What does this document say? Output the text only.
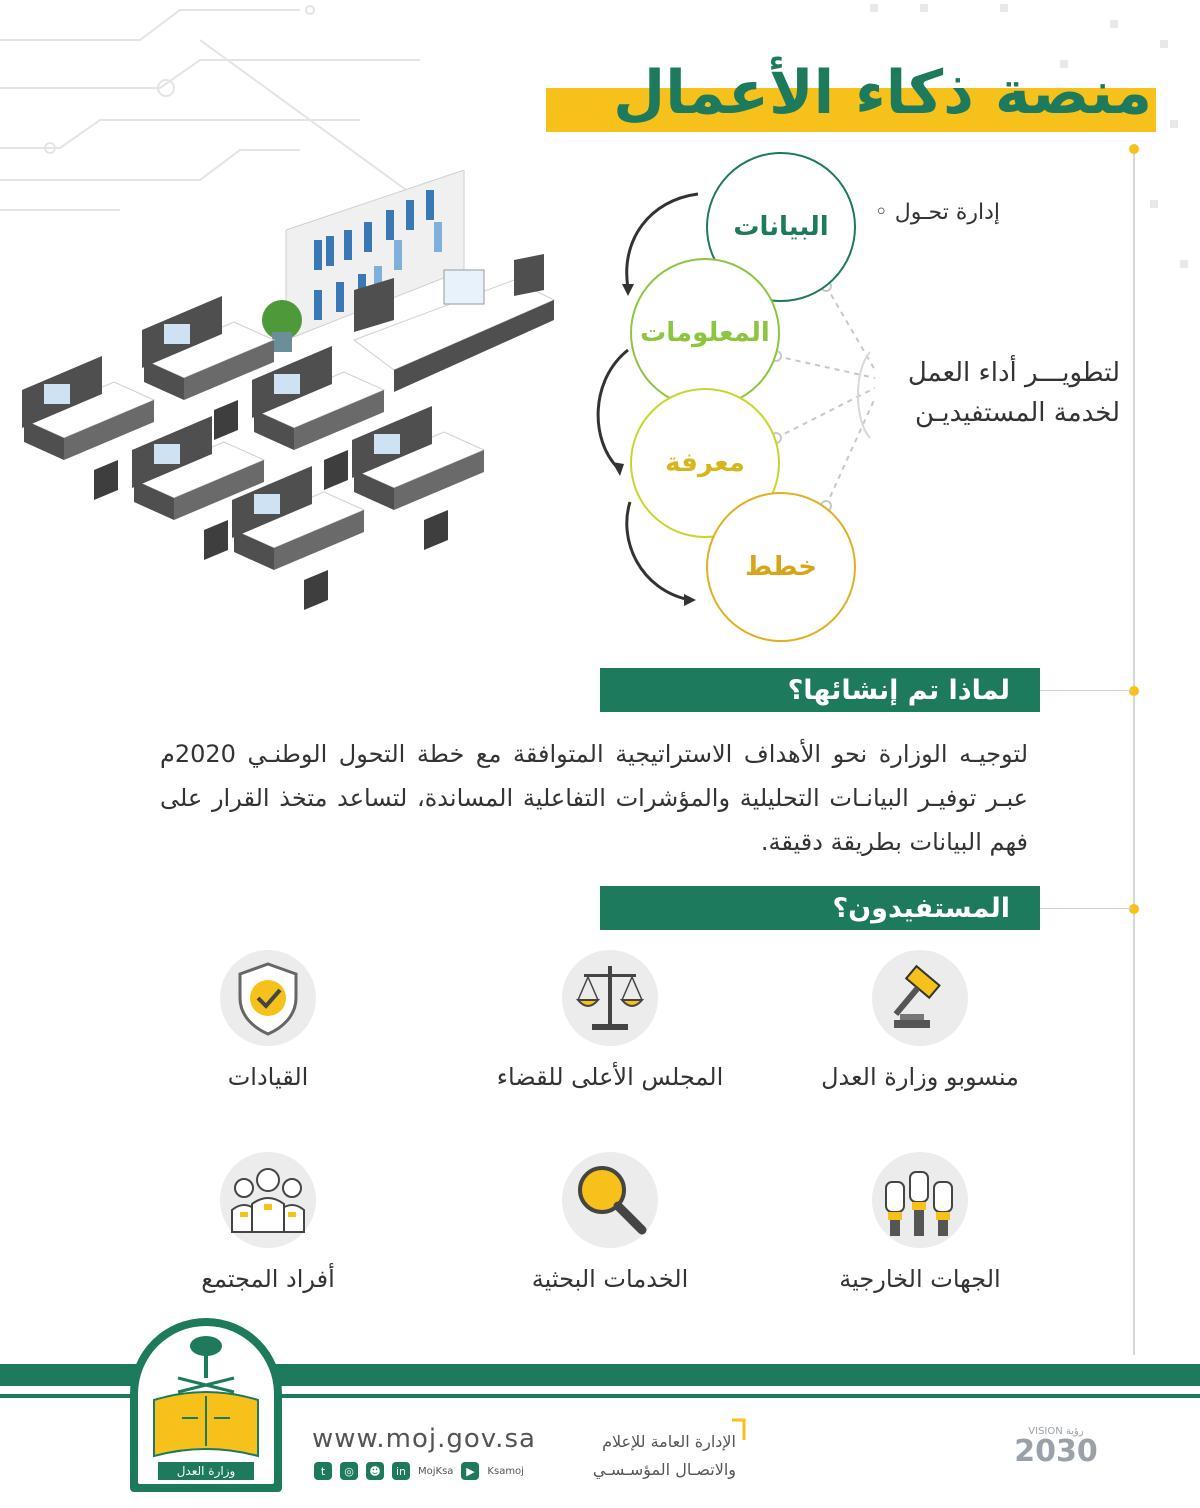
منصة ذكاء الأعمال
البيانات
المعلومات
معرفة
خطط
إدارة تحـول ◦
لتطويـــر أداء العمل
لخدمة المستفيديـن
لماذا تم إنشائها؟
لتوجيـه الوزارة نحو الأهداف الاستراتيجية المتوافقة مع خطة التحول الوطنـي 2020م عبـر توفيـر البيانـات التحليلية والمؤشرات التفاعلية المساندة، لتساعد متخذ القرار على فهم البيانات بطريقة دقيقة.
المستفيدون؟
منسوبو وزارة العدل
المجلس الأعلى للقضاء
القيادات
الجهات الخارجية
الخدمات البحثية
أفراد المجتمع
وزارة العدل
www.moj.gov.sa
t	◎	☻	in	MojKsa	▶	Ksamoj
الإدارة العامة للإعلام
والاتصـال المؤسـسـي
VISION رؤية
2030
